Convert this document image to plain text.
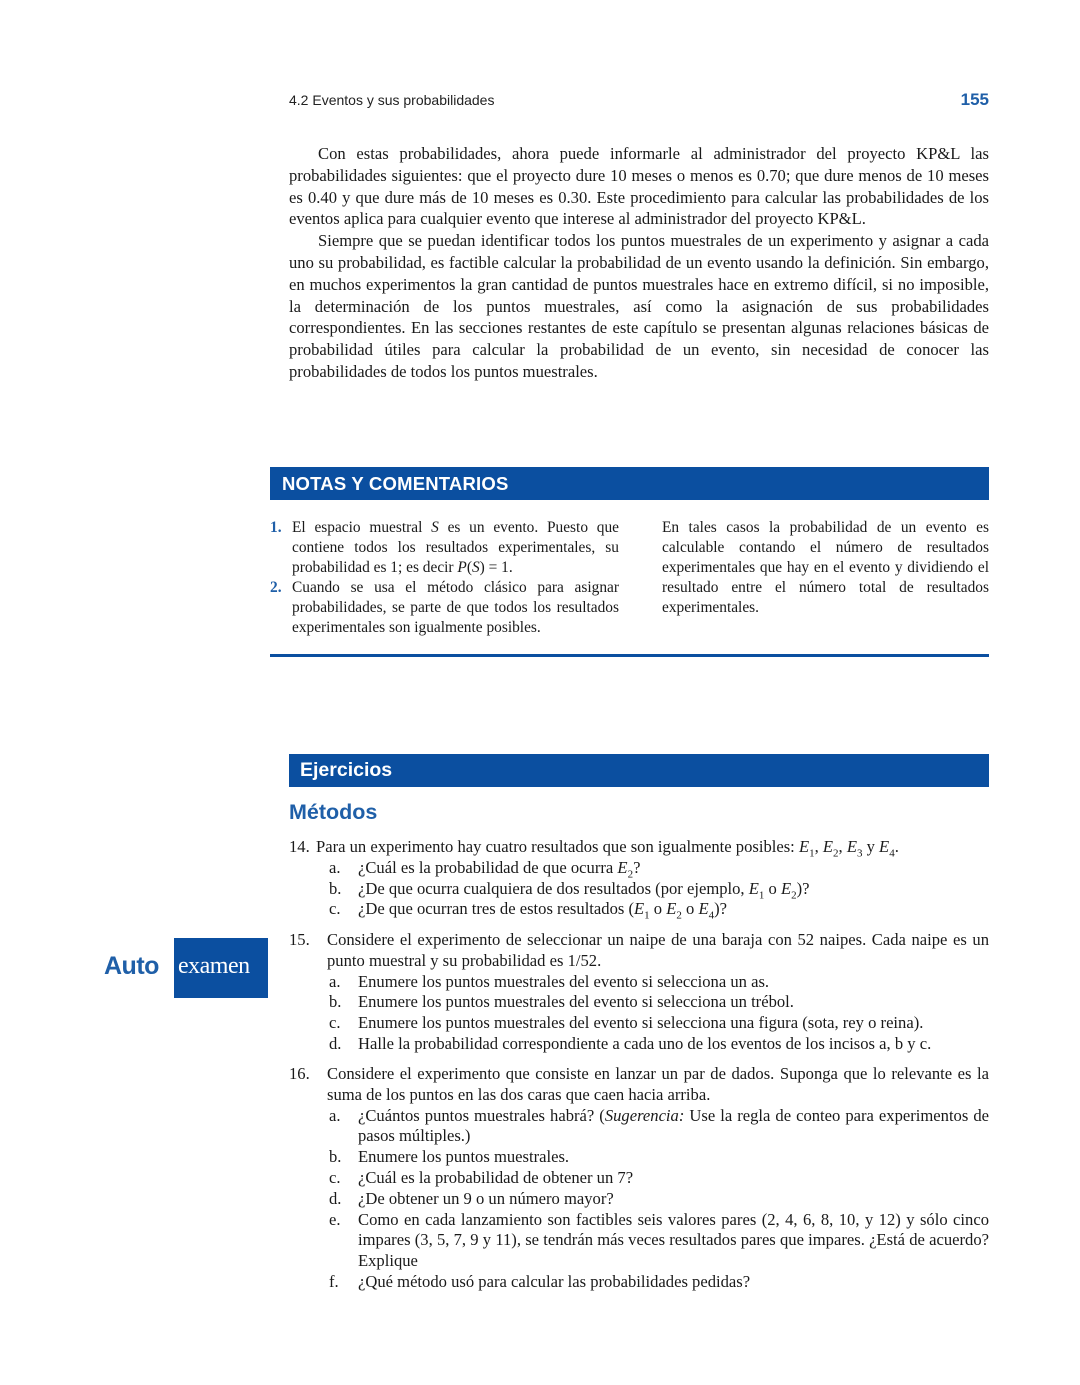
4.2 Eventos y sus probabilidades	155

Con estas probabilidades, ahora puede informarle al administrador del proyecto KP&L las probabilidades siguientes: que el proyecto dure 10 meses o menos es 0.70; que dure menos de 10 meses es 0.40 y que dure más de 10 meses es 0.30. Este procedimiento para calcular las probabilidades de los eventos aplica para cualquier evento que interese al administrador del proyecto KP&L.

Siempre que se puedan identificar todos los puntos muestrales de un experimento y asignar a cada uno su probabilidad, es factible calcular la probabilidad de un evento usando la definición. Sin embargo, en muchos experimentos la gran cantidad de puntos muestrales hace en extremo difícil, si no imposible, la determinación de los puntos muestrales, así como la asignación de sus probabilidades correspondientes. En las secciones restantes de este capítulo se presentan algunas relaciones básicas de probabilidad útiles para calcular la probabilidad de un evento, sin necesidad de conocer las probabilidades de todos los puntos muestrales.

NOTAS Y COMENTARIOS
1. El espacio muestral S es un evento. Puesto que contiene todos los resultados experimentales, su probabilidad es 1; es decir P(S) = 1.
2. Cuando se usa el método clásico para asignar probabilidades, se parte de que todos los resultados experimentales son igualmente posibles.
En tales casos la probabilidad de un evento es calculable contando el número de resultados experimentales que hay en el evento y dividiendo el resultado entre el número total de resultados experimentales.
Ejercicios
Métodos
14. Para un experimento hay cuatro resultados que son igualmente posibles: $E_1$, $E_2$, $E_3$ y $E_4$.
a. ¿Cuál es la probabilidad de que ocurra $E_2$?
b. ¿De que ocurra cualquiera de dos resultados (por ejemplo, $E_1$ o $E_2$)?
c. ¿De que ocurran tres de estos resultados ($E_1$ o $E_2$ o $E_4$)?
Auto examen
15. Considere el experimento de seleccionar un naipe de una baraja con 52 naipes. Cada naipe es un punto muestral y su probabilidad es 1/52.
a. Enumere los puntos muestrales del evento si selecciona un as.
b. Enumere los puntos muestrales del evento si selecciona un trébol.
c. Enumere los puntos muestrales del evento si selecciona una figura (sota, rey o reina).
d. Halle la probabilidad correspondiente a cada uno de los eventos de los incisos a, b y c.
16. Considere el experimento que consiste en lanzar un par de dados. Suponga que lo relevante es la suma de los puntos en las dos caras que caen hacia arriba.
a. ¿Cuántos puntos muestrales habrá? (Sugerencia: Use la regla de conteo para experimentos de pasos múltiples.)
b. Enumere los puntos muestrales.
c. ¿Cuál es la probabilidad de obtener un 7?
d. ¿De obtener un 9 o un número mayor?
e. Como en cada lanzamiento son factibles seis valores pares (2, 4, 6, 8, 10, y 12) y sólo cinco impares (3, 5, 7, 9 y 11), se tendrán más veces resultados pares que impares. ¿Está de acuerdo? Explique
f. ¿Qué método usó para calcular las probabilidades pedidas?
